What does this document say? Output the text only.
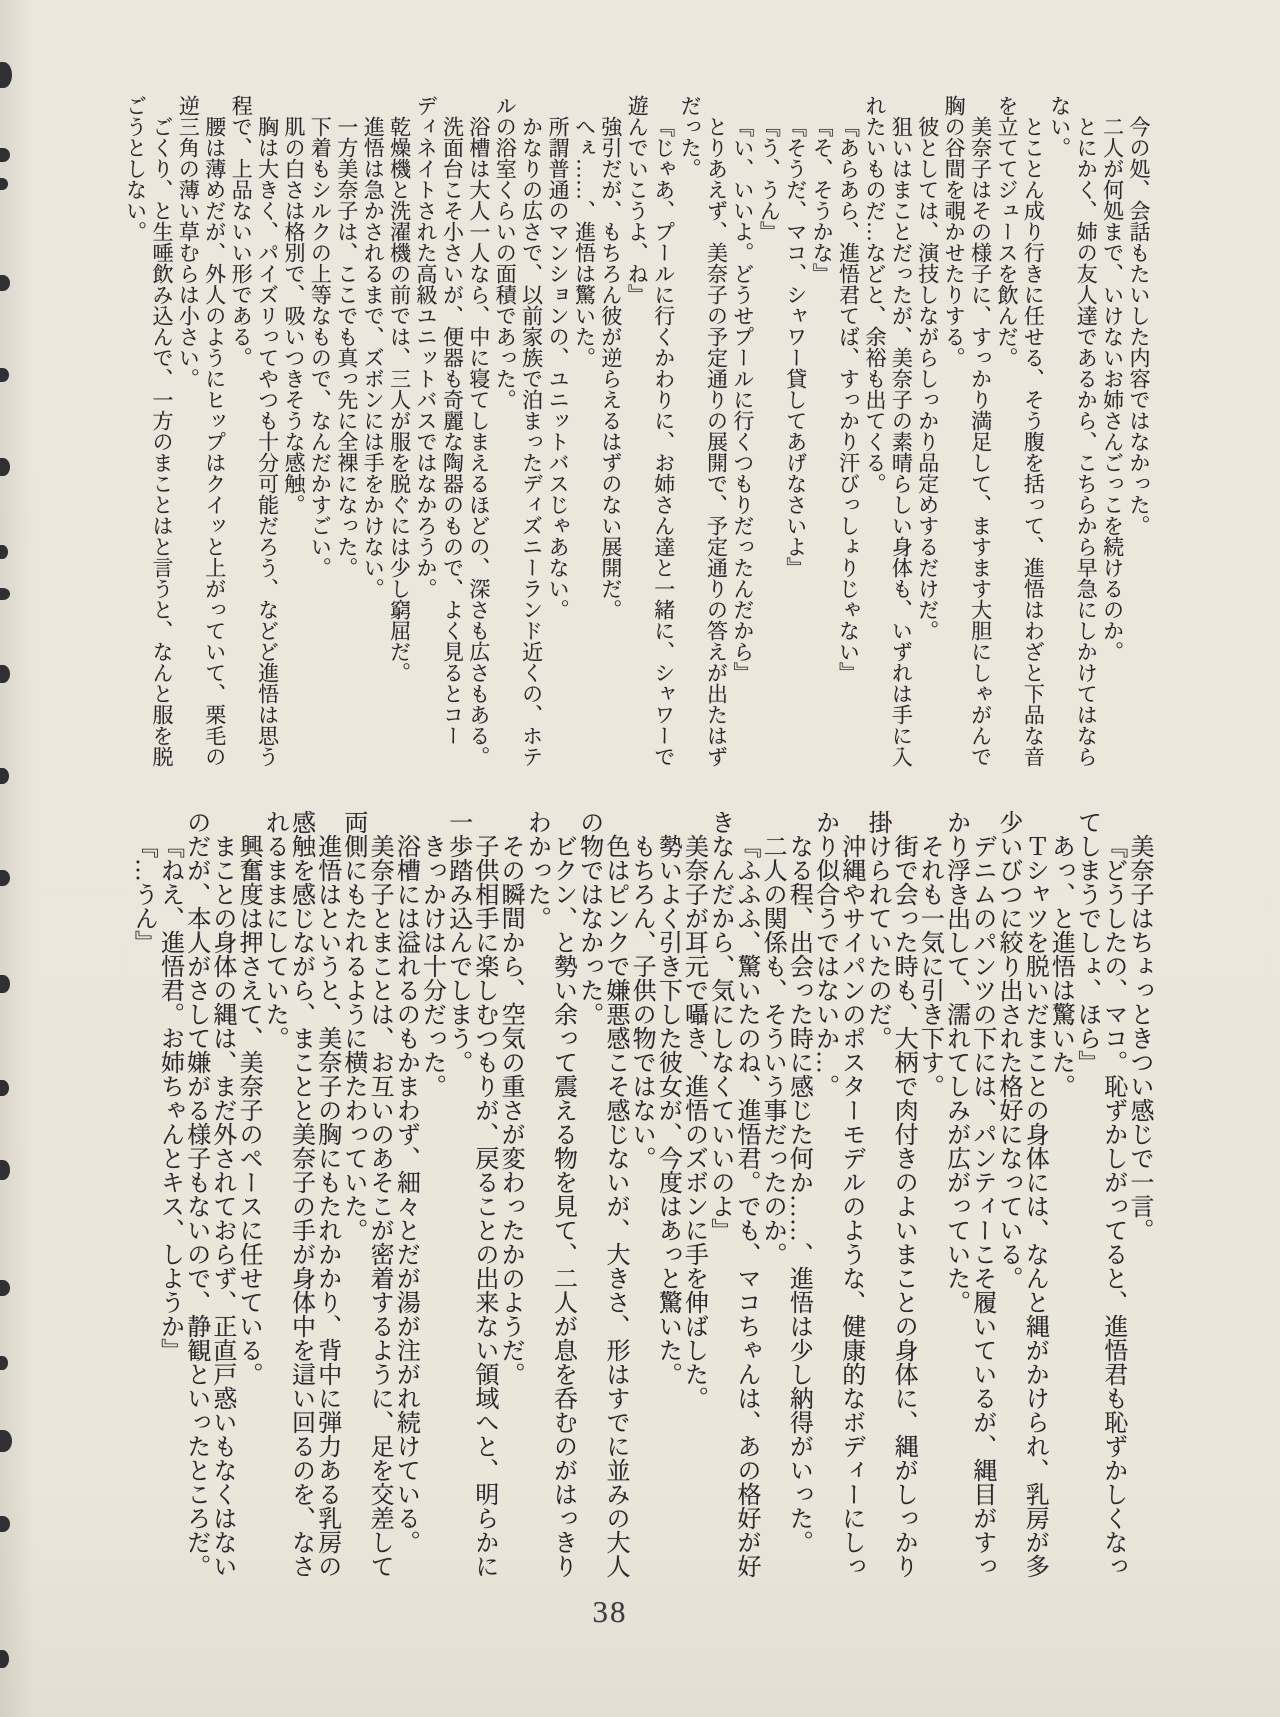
今の処、会話もたいした内容ではなかった。

二人が何処まで、いけないお姉さんごっこを続けるのか。

とにかく、姉の友人達であるから、こちらから早急にしかけてはならない。

とことん成り行きに任せる、そう腹を括って、進悟はわざと下品な音を立ててジュースを飲んだ。

美奈子はその様子に、すっかり満足して、ますます大胆にしゃがんで胸の谷間を覗かせたりする。

彼としては、演技しながらしっかり品定めするだけだ。

狙いはまことだったが、美奈子の素晴らしい身体も、いずれは手に入れたいものだ…などと、余裕も出てくる。

『あらあら、進悟君てば、すっかり汗びっしょりじゃない』

『そ、そうかな』

『そうだ、マコ、シャワー貸してあげなさいよ』

『う、うん』

『い、いいよ。どうせプールに行くつもりだったんだから』

とりあえず、美奈子の予定通りの展開で、予定通りの答えが出たはずだった。

『じゃあ、プールに行くかわりに、お姉さん達と一緒に、シャワーで遊んでいこうよ、ね』

強引だが、もちろん彼が逆らえるはずのない展開だ。

へぇ……、進悟は驚いた。

所謂普通のマンションの、ユニットバスじゃあない。

かなりの広さで、以前家族で泊まったディズニーランド近くの、ホテルの浴室くらいの面積であった。

浴槽は大人一人なら、中に寝てしまえるほどの、深さも広さもある。

洗面台こそ小さいが、便器も奇麗な陶器のもので、よく見るとコーディネイトされた高級ユニットバスではなかろうか。

乾燥機と洗濯機の前では、三人が服を脱ぐには少し窮屈だ。

進悟は急かされるまで、ズボンには手をかけない。

一方美奈子は、ここでも真っ先に全裸になった。

下着もシルクの上等なもので、なんだかすごい。

肌の白さは格別で、吸いつきそうな感触。

胸は大きく、パイズリってやつも十分可能だろう、などど進悟は思う程で、上品ないい形である。

腰は薄めだが、外人のようにヒップはクイッと上がっていて、栗毛の逆三角の薄い草むらは小さい。

ごくり、と生唾飲み込んで、一方のまことはと言うと、なんと服を脱ごうとしない。

美奈子はちょっときつい感じで一言。

『どうしたの、マコ。恥ずかしがってると、進悟君も恥ずかしくなってしまうでしょ、ほら』

あっ、と進悟は驚いた。

Ｔシャツを脱いだまことの身体には、なんと縄がかけられ、乳房が多少いびつに絞り出された格好になっている。

デニムのパンツの下には、パンティーこそ履いているが、縄目がすっかり浮き出して、濡れてしみが広がっていた。

それも一気に引き下す。

街で会った時も、大柄で肉付きのよいまことの身体に、縄がしっかり掛けられていたのだ。

沖縄やサイパンのポスターモデルのような、健康的なボディーにしっかり似合うではないか…。

なる程、出会った時に感じた何か……、進悟は少し納得がいった。

二人の関係も、そういう事だったのか。

『ふふふ、驚いたのね、進悟君。でも、マコちゃんは、あの格好が好きなんだから、気にしなくていいのよ』

美奈子が耳元で囁き、進悟のズボンに手を伸ばした。

勢いよく引き下した彼女が、今度はあっと驚いた。

もちろん、子供の物ではない。

色はピンクで嫌悪感こそ感じないが、大きさ、形はすでに並みの大人の物ではなかった。

ビクン、と勢い余って震える物を見て、二人が息を呑むのがはっきりわかった。

その瞬間から、空気の重さが変わったかのようだ。

子供相手に楽しむつもりが、戻ることの出来ない領域へと、明らかに一歩踏み込んでしまう。

きっかけは十分だった。

浴槽には溢れるのもかまわず、細々とだが湯が注がれ続けている。

美奈子とまことは、お互いのあそこが密着するように、足を交差して両側にもたれるように横たわっていた。

進悟はというと、美奈子の胸にもたれかかり、背中に弾力ある乳房の感触を感じながら、まことと美奈子の手が身体中を這い回るのを、なされるままにしていた。

興奮度は押さえて、美奈子のペースに任せている。

まことの身体の縄は、まだ外されておらず、正直戸惑いもなくはないのだが、本人がさして嫌がる様子もないので、静観といったところだ。

『ねえ、進悟君。お姉ちゃんとキス、しようか』

『…うん』

38
